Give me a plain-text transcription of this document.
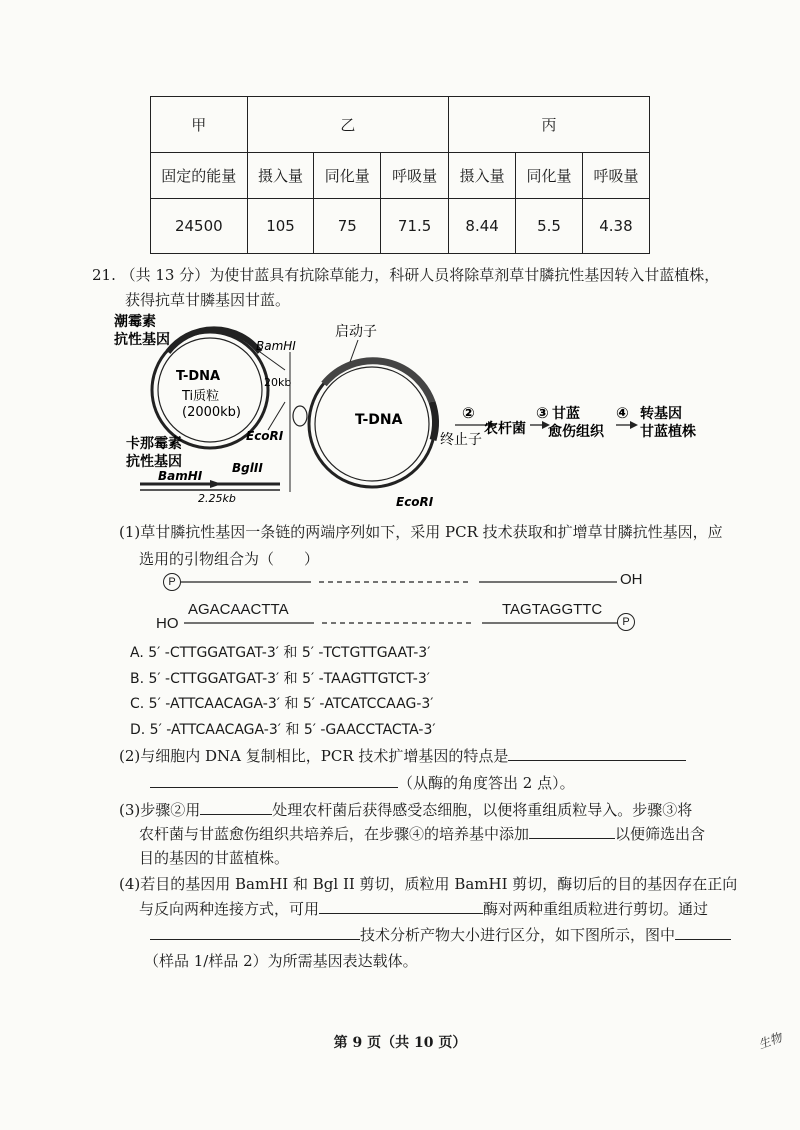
甲	乙			丙		
固定的能量	摄入量	同化量	呼吸量	摄入量	同化量	呼吸量
24500	105	75	71.5	8.44	5.5	4.38
21. （共 13 分）为使甘蓝具有抗除草能力，科研人员将除草剂草甘膦抗性基因转入甘蓝植株，
获得抗草甘膦基因甘蓝。
T-DNA
Ti质粒
(2000kb)
潮霉素
抗性基因	BamHI
20kb
EcoRI
卡那霉素
抗性基因
BamHI
BglII
2.25kb
启动子
T-DNA
终止子
EcoRI
②
农杆菌
③ 甘蓝
愈伤组织
④ 转基因
甘蓝植株
(1)草甘膦抗性基因一条链的两端序列如下，采用 PCR 技术获取和扩增草甘膦抗性基因，应
选用的引物组合为（　　）
P	OH
AGACAACTTA	TAGTAGGTTC
HO	P
A. 5′ -CTTGGATGAT-3′ 和 5′ -TCTGTTGAAT-3′
B. 5′ -CTTGGATGAT-3′ 和 5′ -TAAGTTGTCT-3′
C. 5′ -ATTCAACAGA-3′ 和 5′ -ATCATCCAAG-3′
D. 5′ -ATTCAACAGA-3′ 和 5′ -GAACCTACTA-3′
(2)与细胞内 DNA 复制相比，PCR 技术扩增基因的特点是
（从酶的角度答出 2 点）。
(3)步骤②用	处理农杆菌后获得感受态细胞，以便将重组质粒导入。步骤③将
农杆菌与甘蓝愈伤组织共培养后，在步骤④的培养基中添加	以便筛选出含
目的基因的甘蓝植株。
(4)若目的基因用 BamHI 和 Bgl II 剪切，质粒用 BamHI 剪切，酶切后的目的基因存在正向
与反向两种连接方式，可用	酶对两种重组质粒进行剪切。通过
技术分析产物大小进行区分，如下图所示，图中
（样品 1/样品 2）为所需基因表达载体。
第 9 页（共 10 页）	生物
